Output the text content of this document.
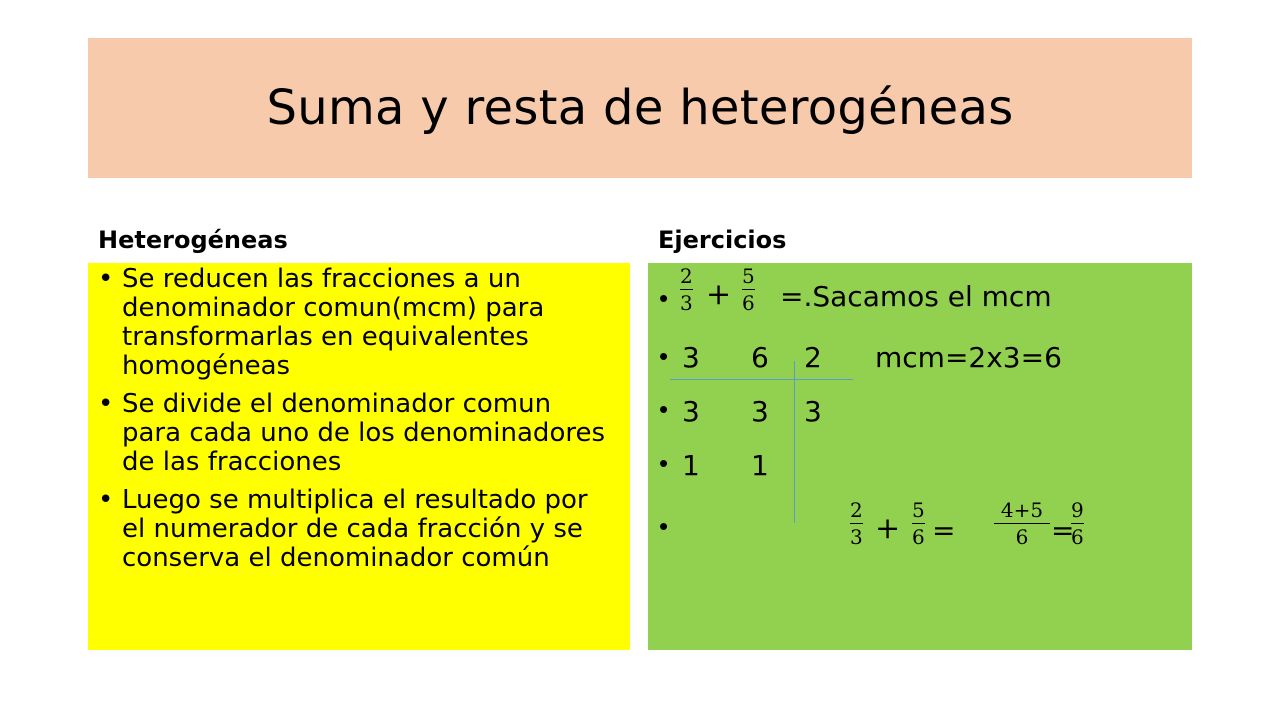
Suma y resta de heterogéneas
Heterogéneas	Ejercicios
• Se reducen las fracciones a un denominador comun(mcm) para transformarlas en equivalentes homogéneas
• Se divide el denominador comun para cada uno de los denominadores de las fracciones
• Luego se multiplica el resultado por el numerador de cada fracción y se conserva el denominador común
•
•
•
•
•
2
3 +
5
6 =.Sacamos el mcm
3 6 2 mcm=2x3=6
3 3 3
1 1
2
3 +
5
6 =
4+5
6 =
9
6
